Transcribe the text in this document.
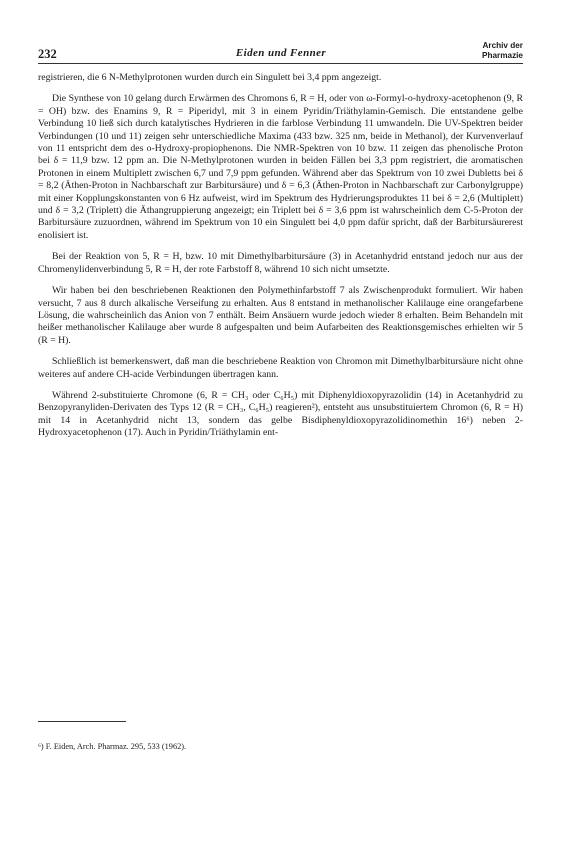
232	Eiden und Fenner
Archiv der
Pharmazie

registrieren, die 6 N-Methylprotonen wurden durch ein Singulett bei 3,4 ppm angezeigt.

Die Synthese von 10 gelang durch Erwärmen des Chromons 6, R = H, oder von ω-Formyl-o-hydroxy-acetophenon (9, R = OH) bzw. des Enamins 9, R = Piperidyl, mit 3 in einem Pyridin/Triäthylamin-Gemisch. Die entstandene gelbe Verbindung 10 ließ sich durch katalytisches Hydrieren in die farblose Verbindung 11 umwandeln. Die UV-Spektren beider Verbindungen (10 und 11) zeigen sehr unterschiedliche Maxima (433 bzw. 325 nm, beide in Methanol), der Kurvenverlauf von 11 entspricht dem des o-Hydroxy-propiophenons. Die NMR-Spektren von 10 bzw. 11 zeigen das phenolische Proton bei δ = 11,9 bzw. 12 ppm an. Die N-Methylprotonen wurden in beiden Fällen bei 3,3 ppm registriert, die aromatischen Protonen in einem Multiplett zwischen 6,7 und 7,9 ppm gefunden. Während aber das Spektrum von 10 zwei Dubletts bei δ = 8,2 (Äthen-Proton in Nachbarschaft zur Barbitursäure) und δ = 6,3 (Äthen-Proton in Nachbarschaft zur Carbonylgruppe) mit einer Kopplungskonstanten von 6 Hz aufweist, wird im Spektrum des Hydrierungsproduktes 11 bei δ = 2,6 (Multiplett) und δ = 3,2 (Triplett) die Äthangruppierung angezeigt; ein Triplett bei δ = 3,6 ppm ist wahrscheinlich dem C-5-Proton der Barbitursäure zuzuordnen, während im Spektrum von 10 ein Singulett bei 4,0 ppm dafür spricht, daß der Barbitursäurerest enolisiert ist.

Bei der Reaktion von 5, R = H, bzw. 10 mit Dimethylbarbitursäure (3) in Acetanhydrid entstand jedoch nur aus der Chromenylidenverbindung 5, R = H, der rote Farbstoff 8, während 10 sich nicht umsetzte.

Wir haben bei den beschriebenen Reaktionen den Polymethinfarbstoff 7 als Zwischenprodukt formuliert. Wir haben versucht, 7 aus 8 durch alkalische Verseifung zu erhalten. Aus 8 entstand in methanolischer Kalilauge eine orangefarbene Lösung, die wahrscheinlich das Anion von 7 enthält. Beim Ansäuern wurde jedoch wieder 8 erhalten. Beim Behandeln mit heißer methanolischer Kalilauge aber wurde 8 aufgespalten und beim Aufarbeiten des Reaktionsgemisches erhielten wir 5 (R = H).

Schließlich ist bemerkenswert, daß man die beschriebene Reaktion von Chromon mit Dimethylbarbitursäure nicht ohne weiteres auf andere CH-acide Verbindungen übertragen kann.

Während 2-substituierte Chromone (6, R = CH₃ oder C₆H₅) mit Diphenyldioxopyrazolidin (14) in Acetanhydrid zu Benzopyranyliden-Derivaten des Typs 12 (R = CH₃, C₆H₅) reagieren²), entsteht aus unsubstituiertem Chromon (6, R = H) mit 14 in Acetanhydrid nicht 13, sondern das gelbe Bisdiphenyldioxopyrazolidinomethin 16⁶) neben 2-Hydroxyacetophenon (17). Auch in Pyridin/Triäthylamin ent-

⁶) F. Eiden, Arch. Pharmaz. 295, 533 (1962).
